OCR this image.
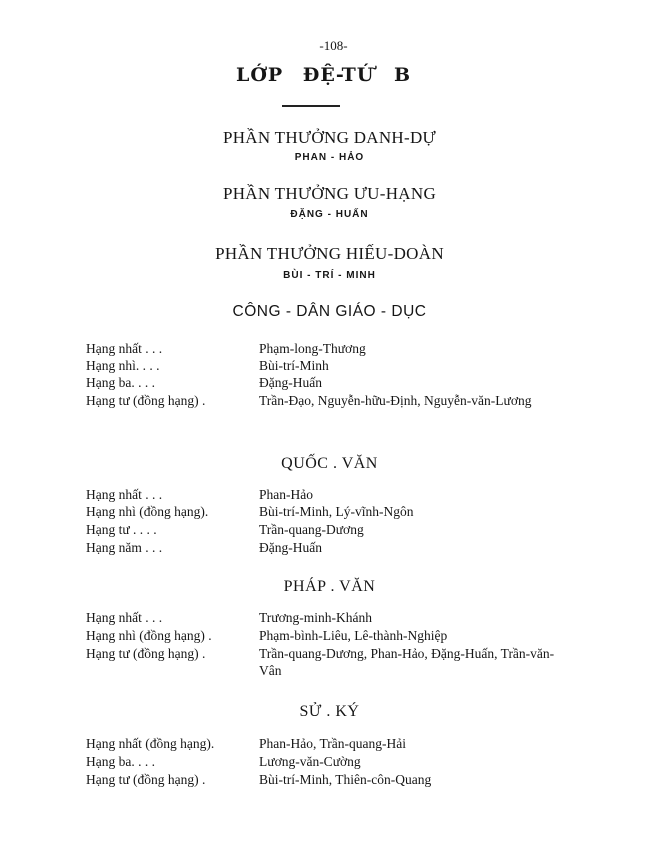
-108-
LỚP ĐỆ-TỨ B
PHẦN THƯỞNG DANH-DỰ
PHAN - HẢO
PHẦN THƯỞNG ƯU-HẠNG
ĐẶNG - HUẤN
PHẦN THƯỞNG HIẾU-DOÀN
BÙI - TRÍ - MINH
CÔNG - DÂN GIÁO - DỤC
Hạng nhất . . .	Phạm-long-Thương
Hạng nhì. . . .	Bùi-trí-Minh
Hạng ba. . . .	Đặng-Huấn
Hạng tư (đồng hạng) .	Trần-Đạo, Nguyễn-hữu-Định, Nguyễn-văn-Lương
QUỐC . VĂN
Hạng nhất . . .	Phan-Hảo
Hạng nhì (đồng hạng).	Bùi-trí-Minh, Lý-vĩnh-Ngôn
Hạng tư . . . .	Trần-quang-Dương
Hạng năm . . .	Đặng-Huấn
PHÁP . VĂN
Hạng nhất . . .	Trương-minh-Khánh
Hạng nhì (đồng hạng) .	Phạm-bình-Liêu, Lê-thành-Nghiệp
Hạng tư (đồng hạng) .	Trần-quang-Dương, Phan-Hảo, Đặng-Huấn, Trần-văn-Vân
SỬ . KÝ
Hạng nhất (đồng hạng).	Phan-Hảo, Trần-quang-Hải
Hạng ba. . . .	Lương-văn-Cường
Hạng tư (đồng hạng) .	Bùi-trí-Minh, Thiên-côn-Quang
